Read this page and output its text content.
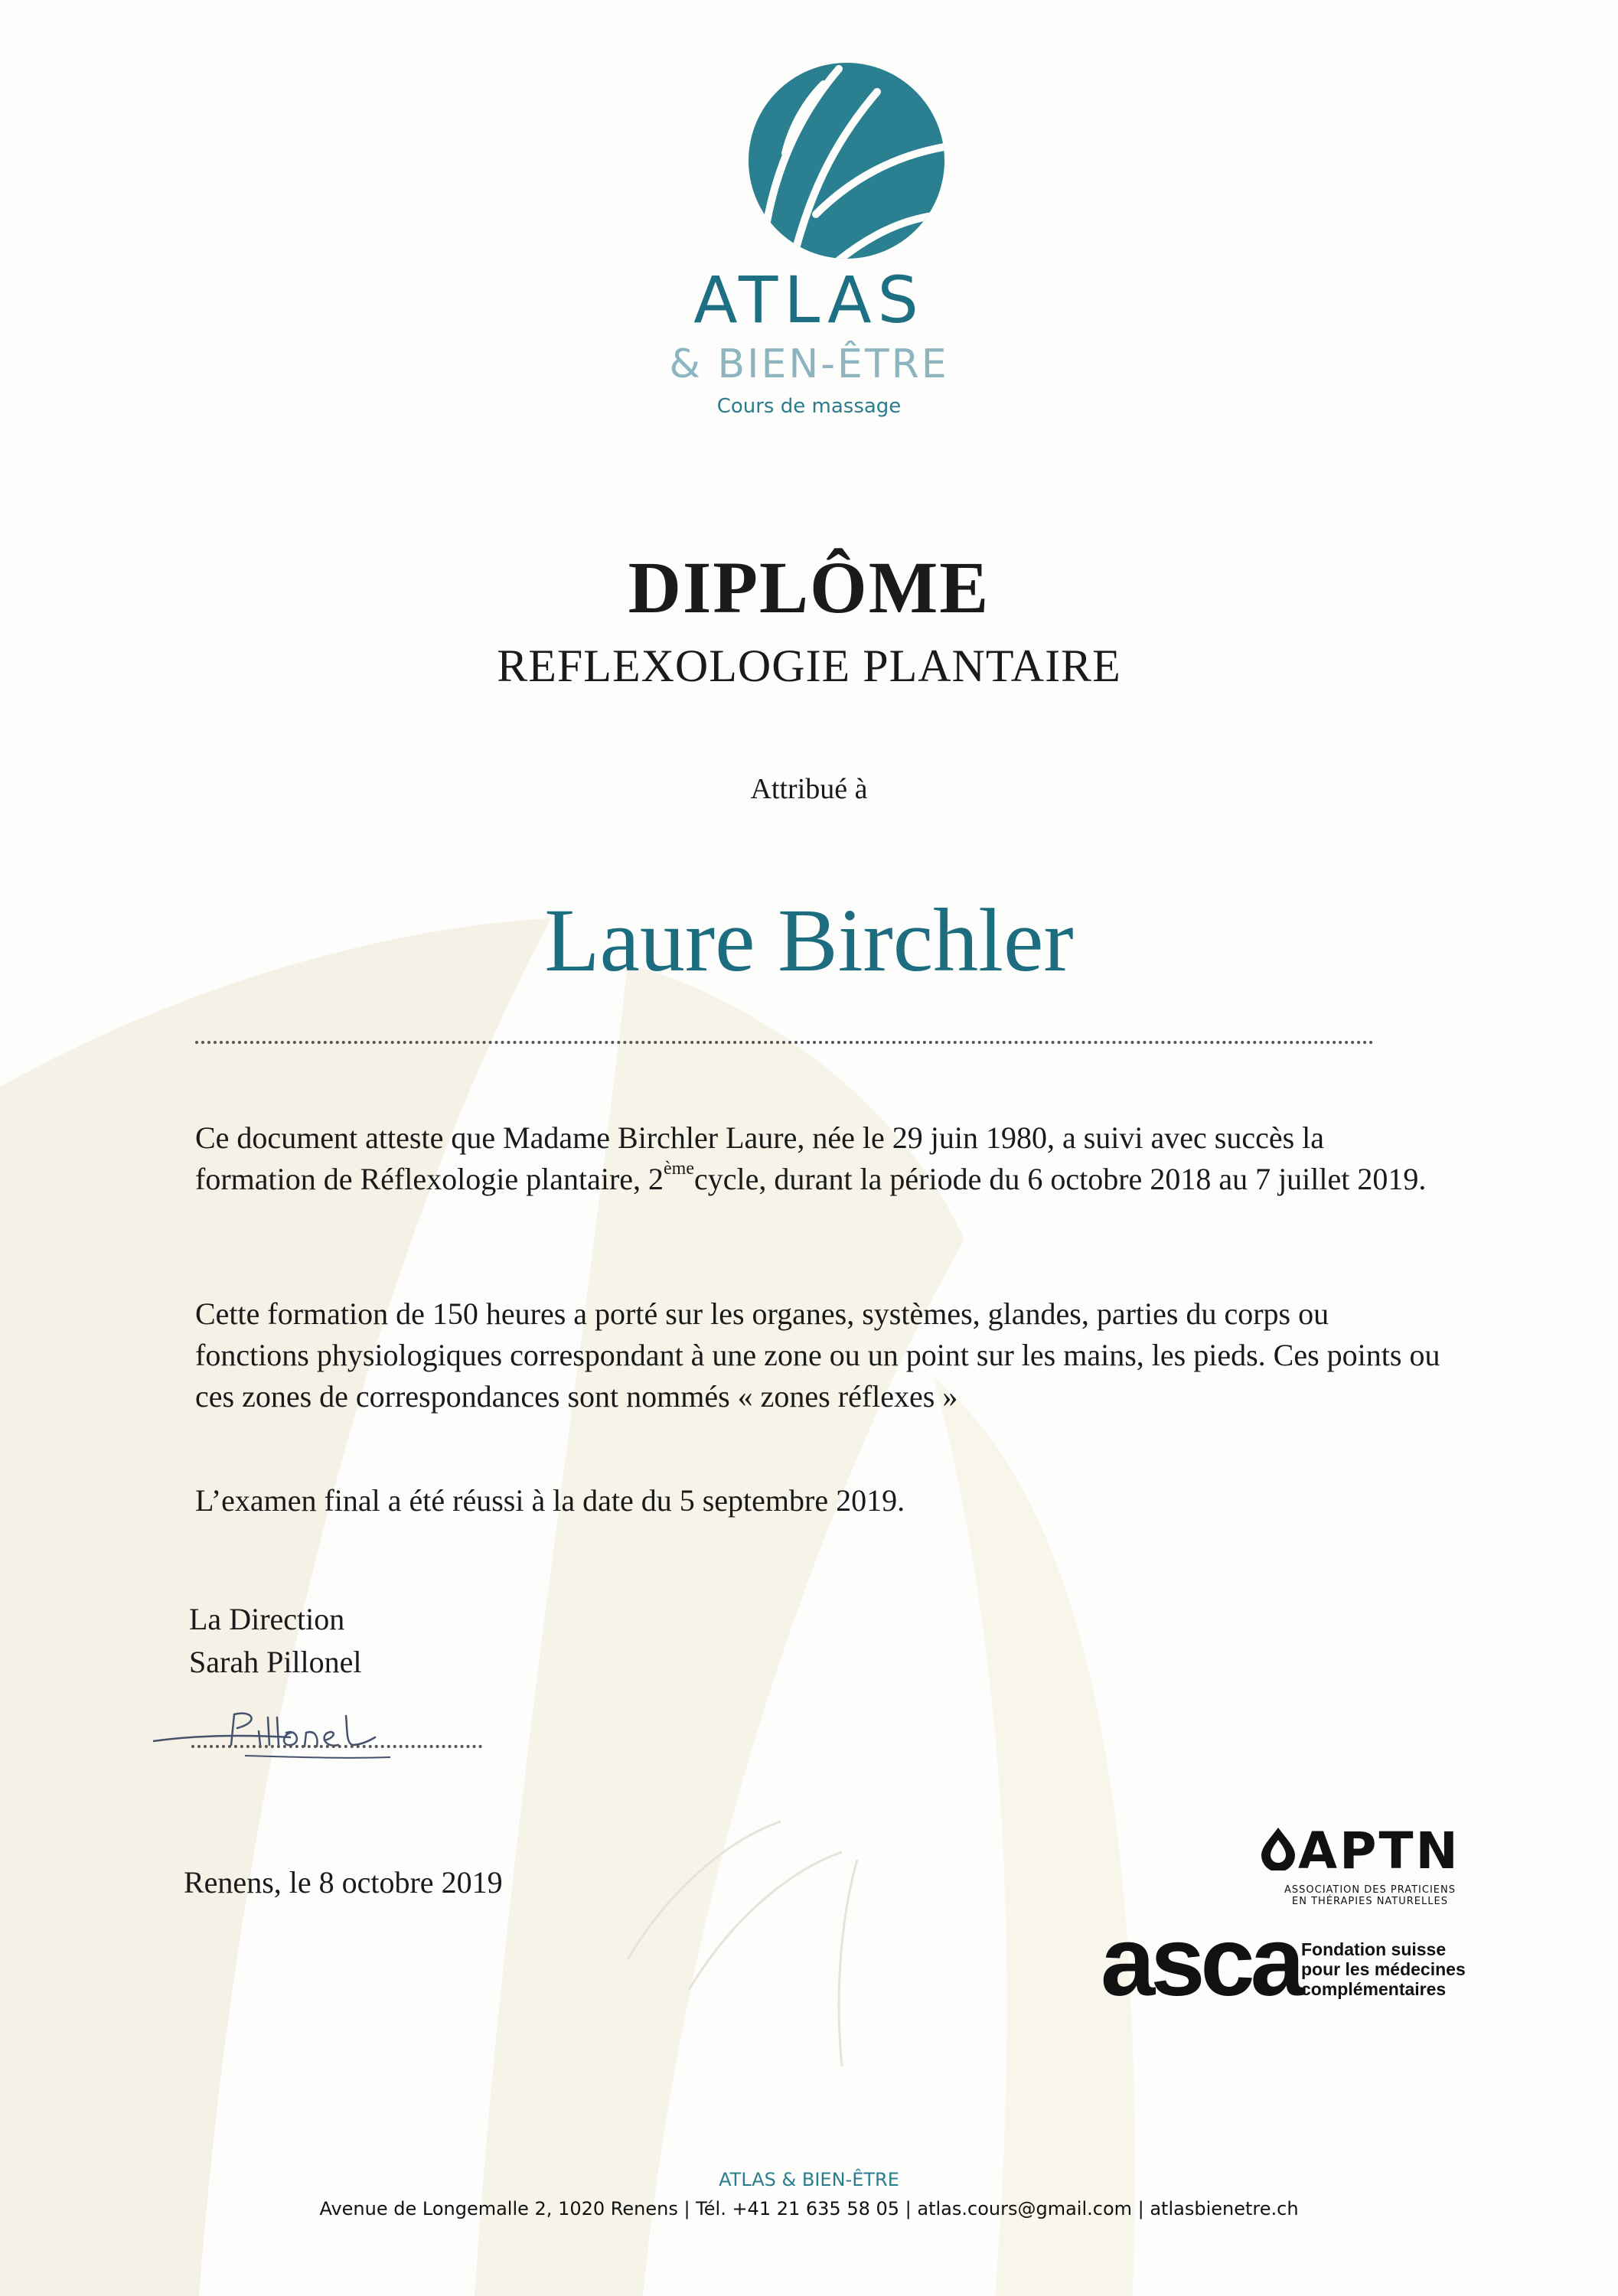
ATLAS
& BIEN-ÊTRE
Cours de massage
DIPLÔME
REFLEXOLOGIE PLANTAIRE
Attribué à
Laure Birchler
Ce document atteste que Madame Birchler Laure, née le 29 juin 1980, a suivi avec succès la formation de Réflexologie plantaire, 2èmecycle, durant la période du 6 octobre 2018 au 7 juillet 2019.
Cette formation de 150 heures a porté sur les organes, systèmes, glandes, parties du corps ou fonctions physiologiques correspondant à une zone ou un point sur les mains, les pieds. Ces points ou ces zones de correspondances sont nommés « zones réflexes »
L’examen final a été réussi à la date du 5 septembre 2019.
La Direction
Sarah Pillonel
Renens, le 8 octobre 2019
APTN
ASSOCIATION DES PRATICIENS
EN THÉRAPIES NATURELLES
asca Fondation suisse
pour les médecines
complémentaires
ATLAS & BIEN-ÊTRE
Avenue de Longemalle 2, 1020 Renens | Tél. +41 21 635 58 05 | atlas.cours@gmail.com | atlasbienetre.ch
